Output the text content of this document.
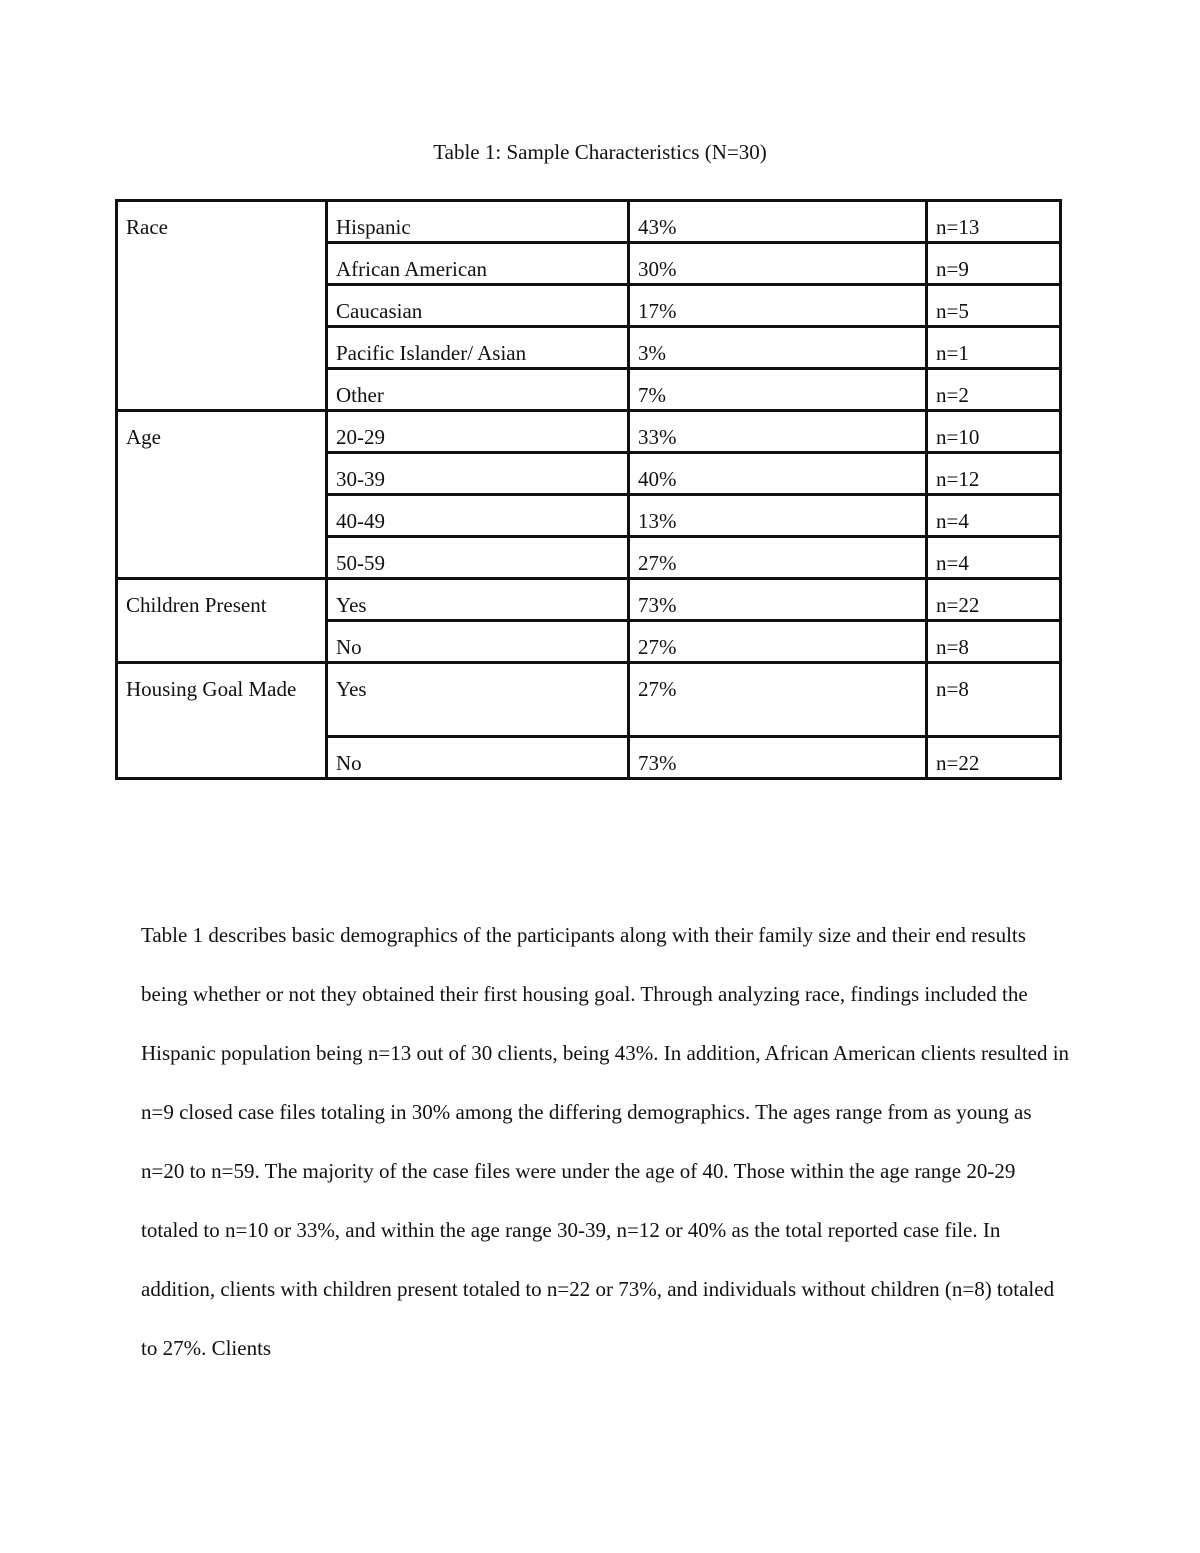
Table 1: Sample Characteristics (N=30)
Race	Hispanic	43%	n=13
	African American	30%	n=9
	Caucasian	17%	n=5
	Pacific Islander/ Asian	3%	n=1
	Other	7%	n=2
Age	20-29	33%	n=10
	30-39	40%	n=12
	40-49	13%	n=4
	50-59	27%	n=4
Children Present	Yes	73%	n=22
	No	27%	n=8
Housing Goal Made	Yes	27%	n=8
	No	73%	n=22

Table 1 describes basic demographics of the participants along with their family size and their end results being whether or not they obtained their first housing goal. Through analyzing race, findings included the Hispanic population being n=13 out of 30 clients, being 43%. In addition, African American clients resulted in n=9 closed case files totaling in 30% among the differing demographics. The ages range from as young as n=20 to n=59. The majority of the case files were under the age of 40. Those within the age range 20-29 totaled to n=10 or 33%, and within the age range 30-39, n=12 or 40% as the total reported case file. In addition, clients with children present totaled to n=22 or 73%, and individuals without children (n=8) totaled to 27%. Clients
